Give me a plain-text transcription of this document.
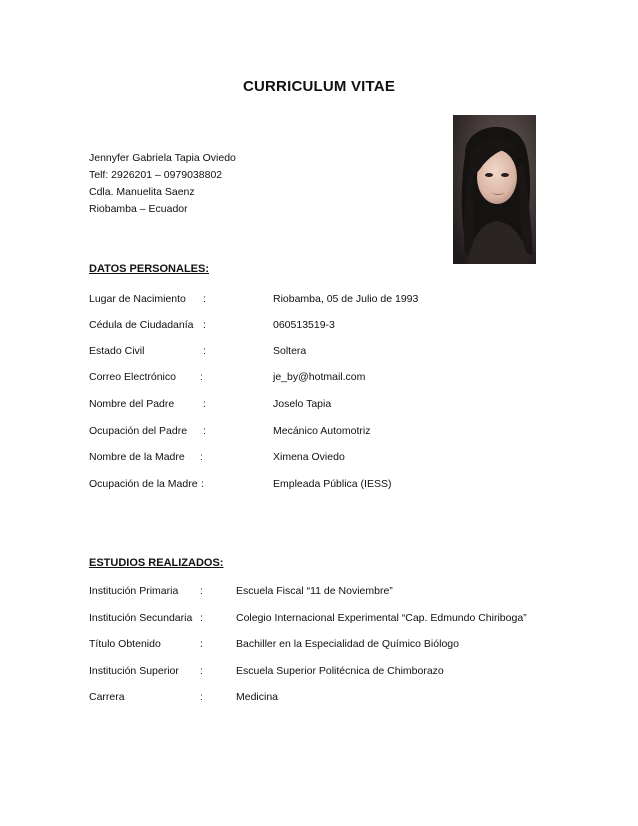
CURRICULUM VITAE
Jennyfer Gabriela Tapia Oviedo
Telf: 2926201 – 0979038802
Cdla. Manuelita Saenz
Riobamba – Ecuador
DATOS PERSONALES:
Lugar de Nacimiento :	Riobamba, 05 de Julio de 1993
Cédula de Ciudadanía :	060513519-3
Estado Civil	:	Soltera
Correo Electrónico :	je_by@hotmail.com
Nombre del Padre	:	Joselo Tapia
Ocupación del Padre :	Mecánico Automotriz
Nombre de la Madre :	Ximena Oviedo
Ocupación de la Madre :	Empleada Pública (IESS)
ESTUDIOS REALIZADOS:
Institución Primaria :	Escuela Fiscal “11 de Noviembre”
Institución Secundaria :	Colegio Internacional Experimental “Cap. Edmundo Chiriboga”
Título Obtenido	:	Bachiller en la Especialidad de Químico Biólogo
Institución Superior :	Escuela Superior Politécnica de Chimborazo
Carrera	:	Medicina
